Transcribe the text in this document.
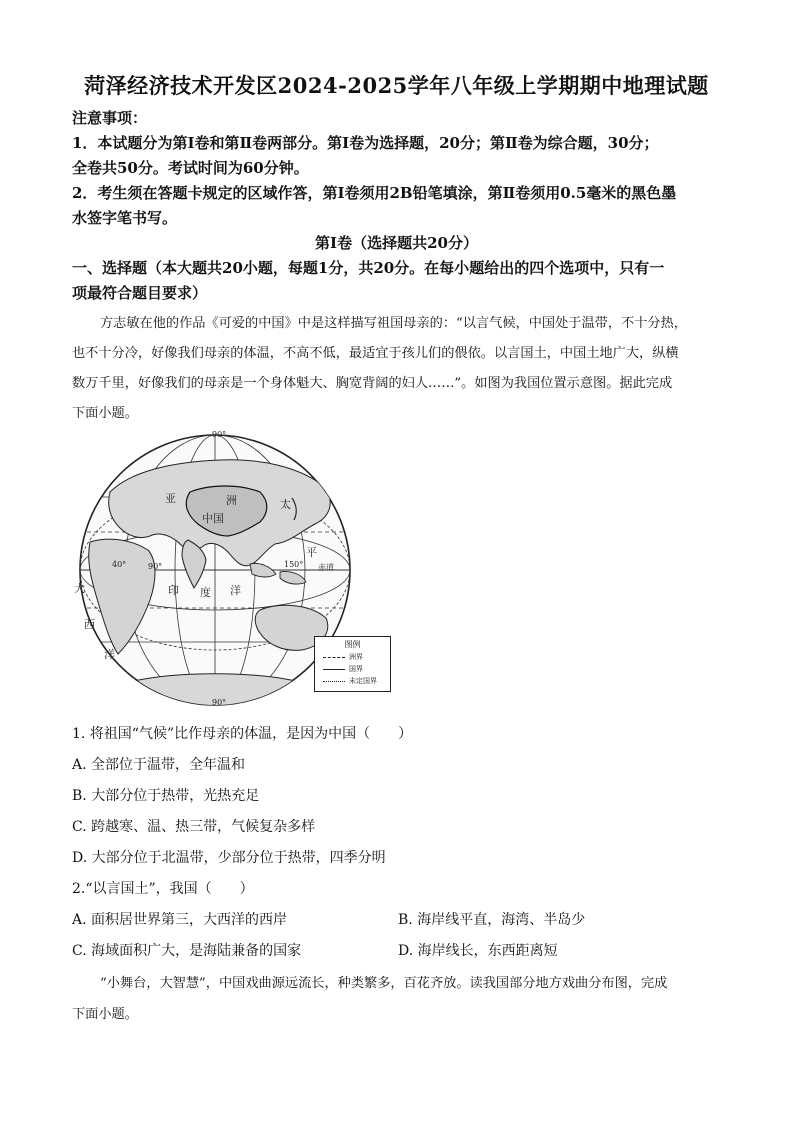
菏泽经济技术开发区2024-2025学年八年级上学期期中地理试题
注意事项：
1．本试题分为第Ⅰ卷和第Ⅱ卷两部分。第Ⅰ卷为选择题，20分；第Ⅱ卷为综合题，30分；
全卷共50分。考试时间为60分钟。
2．考生须在答题卡规定的区域作答，第Ⅰ卷须用2B铅笔填涂，第Ⅱ卷须用0.5毫米的黑色墨
水签字笔书写。
第Ⅰ卷（选择题共20分）
一、选择题（本大题共20小题，每题1分，共20分。在每小题给出的四个选项中，只有一
项最符合题目要求）
方志敏在他的作品《可爱的中国》中是这样描写祖国母亲的：“以言气候，中国处于温带，不十分热，
也不十分冷，好像我们母亲的体温，不高不低，最适宜于孩儿们的偎依。以言国土，中国土地广大，纵横
数万千里，好像我们的母亲是一个身体魁大、胸宽背阔的妇人……”。如图为我国位置示意图。据此完成
下面小题。
90°
亚	洲	太
中国
平
40°	90°	150° 赤道
大	印 度 洋
西
洋
90°
图例
洲界
国界
未定国界
1. 将祖国“气候”比作母亲的体温，是因为中国（　　）
A. 全部位于温带，全年温和
B. 大部分位于热带，光热充足
C. 跨越寒、温、热三带，气候复杂多样
D. 大部分位于北温带，少部分位于热带，四季分明
2.“以言国土”，我国（　　）
A. 面积居世界第三，大西洋的西岸	B. 海岸线平直，海湾、半岛少
C. 海域面积广大，是海陆兼备的国家	D. 海岸线长，东西距离短
“小舞台，大智慧”，中国戏曲源远流长，种类繁多，百花齐放。读我国部分地方戏曲分布图，完成
下面小题。
